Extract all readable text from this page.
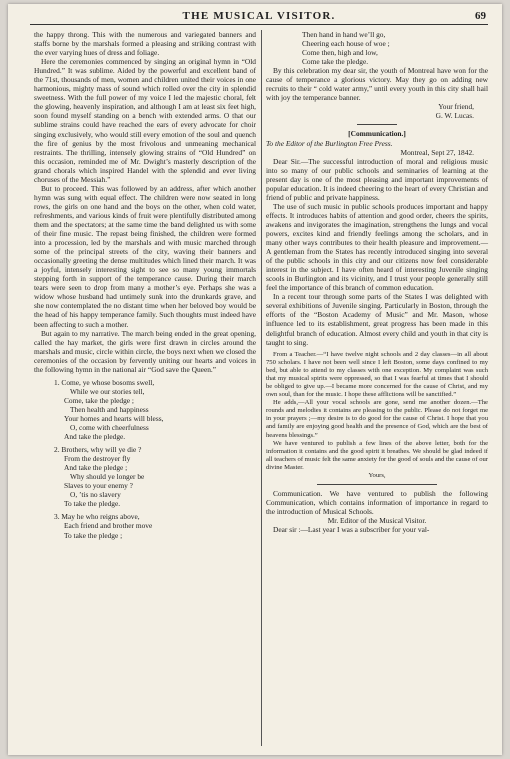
THE MUSICAL VISITOR.	69

the happy throng. This with the numerous and variegated banners and staffs borne by the marshals formed a pleasing and striking contrast with the ever varying hues of dress and foliage.

Here the ceremonies commenced by singing an original hymn in “Old Hundred.” It was sublime. Aided by the powerful and excellent band of the 71st, thousands of men, women and children united their voices in one harmonious, mighty mass of sound which rolled over the city in splendid sweetness. With the full power of my voice I led the majestic choral, felt the glowing, heavenly inspiration, and although I am at least six feet high, soon found myself standing on a bench with extended arms. O that our sublime strains could have reached the ears of every advocate for choir singing exclusively, who would still every emotion of the soul and quench the fire of genius by the most frivolous and unmeaning mechanical restraints. The thrilling, intensely glowing strains of “Old Hundred” on this occasion, reminded me of Mr. Dwight’s masterly description of the grand chorals which inspired Handel with the splendid and ever living choruses of the Messiah.”

But to proceed. This was followed by an address, after which another hymn was sung with equal effect. The children were now seated in long rows, the girls on one hand and the boys on the other, when cold water, refreshments, and various kinds of fruit were plentifully distributed among them and the spectators; at the same time the band delighted us with some of their fine music. The repast being finished, the children were formed into a procession, led by the marshals and with music marched through some of the principal streets of the city, waving their banners and occasionally greeting the dense multitudes which lined their march. It was a joyful, intensely interesting sight to see so many young immortals stepping forth in support of the temperance cause. During their march tears were seen to drop from many a mother’s eye. Perhaps she was a widow whose husband had untimely sunk into the drunkards grave, and she now contemplated the no distant time when her beloved boy would be the head of his happy temperance family. Such thoughts must indeed have been affecting to such a mother.

But again to my narrative. The march being ended in the great opening, called the hay market, the girls were first drawn in circles around the marshals and music, circle within circle, the boys next when we closed the ceremonies of the occasion by fervently uniting our hearts and voices in the following hymn in the national air “God save the Queen.”

1. Come, ye whose bosoms swell,

While we our stories tell,

Come, take the pledge ;

Then health and happiness

Your homes and hearts will bless,

O, come with cheerfulness

And take the pledge.

2. Brothers, why will ye die ?

From the destroyer fly

And take the pledge ;

Why should ye longer be

Slaves to your enemy ?

O, ’tis no slavery

To take the pledge.

3. May he who reigns above,

Each friend and brother move

To take the pledge ;

Then hand in hand we’ll go,

Cheering each house of woe ;

Come then, high and low,

Come take the pledge.

By this celebration my dear sir, the youth of Montreal have won for the cause of temperance a glorious victory. May they go on adding new recruits to their “ cold water army,” until every youth in this city shall hail with joy the temperance banner.

Your friend,

G. W. Lucas.

[Communication.]

To the Editor of the Burlington Free Press.

Montreal, Sept 27, 1842.

Dear Sir.—The successful introduction of moral and religious music into so many of our public schools and seminaries of learning at the present day is one of the most pleasing and important improvements of popular education. It is indeed cheering to the heart of every Christian and friend of public and private happiness.

The use of such music in public schools produces important and happy effects. It introduces habits of attention and good order, cheers the spirits, awakens and invigorates the imagination, strengthens the lungs and vocal powers, excites kind and friendly feelings among the scholars, and in many other ways contributes to their health pleasure and improvement.—A gentleman from the States has recently introduced singing into several of the public schools in this city and our citizens now feel considerable interest in the subject. I have often heard of interesting Juvenile singing scools in Burlington and its vicinity, and I trust your people generally still feel the importance of this branch of common education.

In a recent tour through some parts of the States I was delighted with several exhibitions of Juvenile singing. Particularly in Boston, through the efforts of the “Boston Academy of Music” and Mr. Mason, whose influence led to its establishment, great progress has been made in this delightful branch of education. Almost every child and youth in that city is taught to sing.

From a Teacher.—“I have twelve night schools and 2 day classes—in all about 750 scholars. I have not been well since I left Boston, some days confined to my bed, but able to attend to my classes with one exception. My complaint was such that my musical spirits were oppressed, so that I was fearful at times that I should be obliged to give up.—I became more concerned for the cause of Christ, and my own soul, than for the music. I hope these afflictions will be sanctified.”

He adds,—All your vocal schools are gone, send me another dozen.—The rounds and melodies it contains are pleasing to the public. Please do not forget me in your prayers ;—my desire is to do good for the cause of Christ. I hope that you and family are enjoying good health and the presence of God, which are the best of heavens blessings.”

We have ventured to publish a few lines of the above letter, both for the information it contains and the good spirit it breathes. We should be glad indeed if all teachers of music felt the same anxiety for the good of souls and the cause of our divine Master.

Yours,

Communication. We have ventured to publish the following Communication, which contains information of importance in regard to the introduction of Musical Schools.

Mr. Editor of the Musical Visitor.

Dear sir :—Last year I was a subscriber for your val-
